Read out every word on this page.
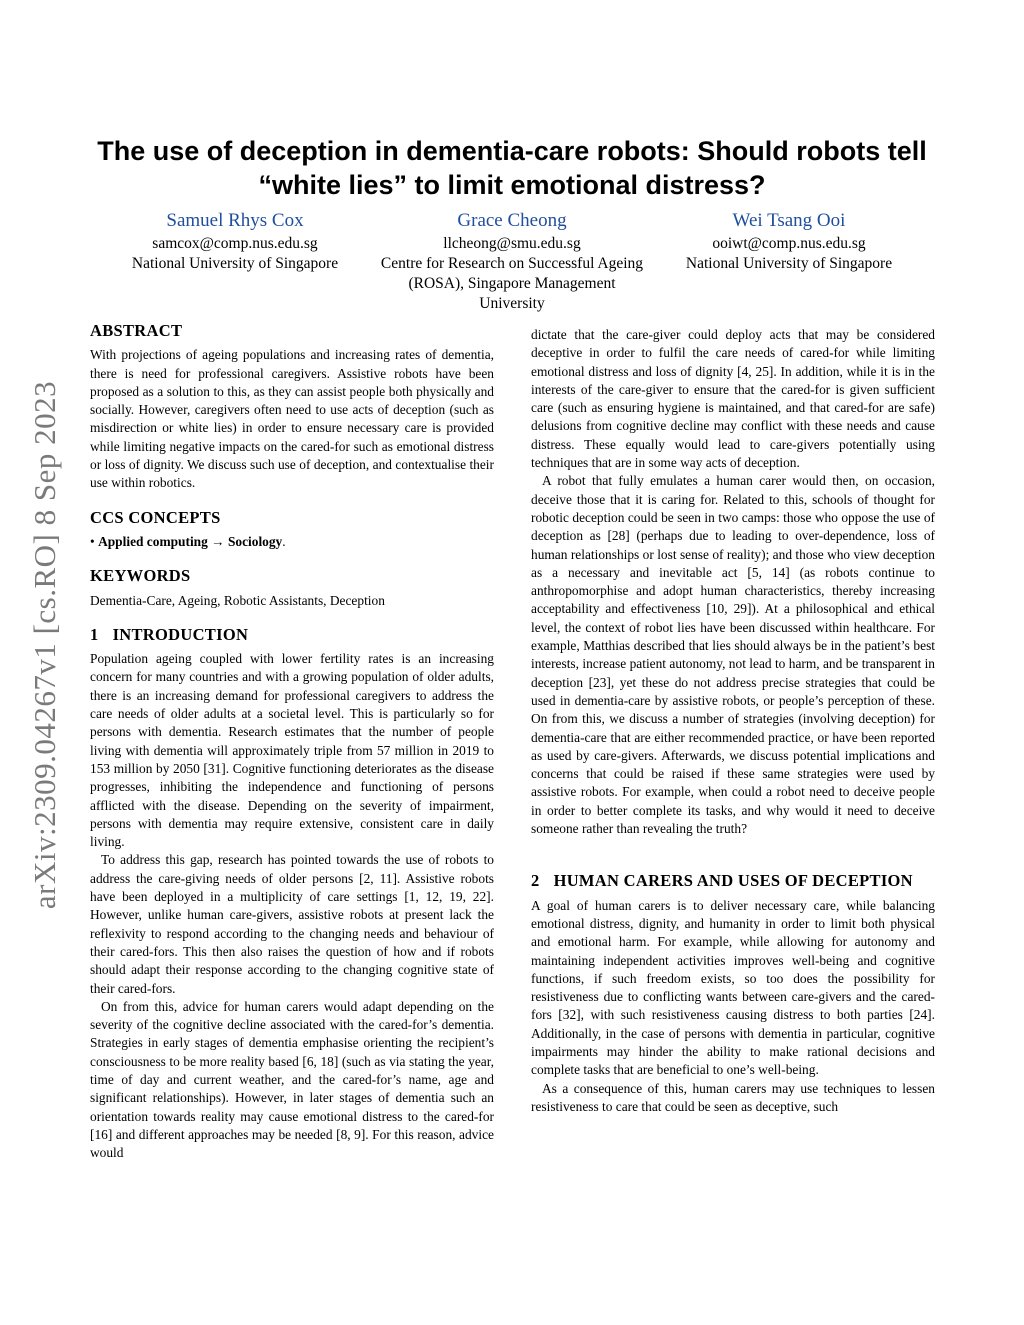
arXiv:2309.04267v1 [cs.RO] 8 Sep 2023
The use of deception in dementia-care robots: Should robots tell “white lies” to limit emotional distress?
Samuel Rhys Cox
samcox@comp.nus.edu.sg
National University of Singapore
Grace Cheong
llcheong@smu.edu.sg
Centre for Research on Successful Ageing (ROSA), Singapore Management University
Wei Tsang Ooi
ooiwt@comp.nus.edu.sg
National University of Singapore
ABSTRACT

With projections of ageing populations and increasing rates of dementia, there is need for professional caregivers. Assistive robots have been proposed as a solution to this, as they can assist people both physically and socially. However, caregivers often need to use acts of deception (such as misdirection or white lies) in order to ensure necessary care is provided while limiting negative impacts on the cared-for such as emotional distress or loss of dignity. We discuss such use of deception, and contextualise their use within robotics.

CCS CONCEPTS

• Applied computing → Sociology.

KEYWORDS

Dementia-Care, Ageing, Robotic Assistants, Deception

1 INTRODUCTION

Population ageing coupled with lower fertility rates is an increasing concern for many countries and with a growing population of older adults, there is an increasing demand for professional caregivers to address the care needs of older adults at a societal level. This is particularly so for persons with dementia. Research estimates that the number of people living with dementia will approximately triple from 57 million in 2019 to 153 million by 2050 [31]. Cognitive functioning deteriorates as the disease progresses, inhibiting the independence and functioning of persons afflicted with the disease. Depending on the severity of impairment, persons with dementia may require extensive, consistent care in daily living.

To address this gap, research has pointed towards the use of robots to address the care-giving needs of older persons [2, 11]. Assistive robots have been deployed in a multiplicity of care settings [1, 12, 19, 22]. However, unlike human care-givers, assistive robots at present lack the reflexivity to respond according to the changing needs and behaviour of their cared-fors. This then also raises the question of how and if robots should adapt their response according to the changing cognitive state of their cared-fors.

On from this, advice for human carers would adapt depending on the severity of the cognitive decline associated with the cared-for’s dementia. Strategies in early stages of dementia emphasise orienting the recipient’s consciousness to be more reality based [6, 18] (such as via stating the year, time of day and current weather, and the cared-for’s name, age and significant relationships). However, in later stages of dementia such an orientation towards reality may cause emotional distress to the cared-for [16] and different approaches may be needed [8, 9]. For this reason, advice would

dictate that the care-giver could deploy acts that may be considered deceptive in order to fulfil the care needs of cared-for while limiting emotional distress and loss of dignity [4, 25]. In addition, while it is in the interests of the care-giver to ensure that the cared-for is given sufficient care (such as ensuring hygiene is maintained, and that cared-for are safe) delusions from cognitive decline may conflict with these needs and cause distress. These equally would lead to care-givers potentially using techniques that are in some way acts of deception.

A robot that fully emulates a human carer would then, on occasion, deceive those that it is caring for. Related to this, schools of thought for robotic deception could be seen in two camps: those who oppose the use of deception as [28] (perhaps due to leading to over-dependence, loss of human relationships or lost sense of reality); and those who view deception as a necessary and inevitable act [5, 14] (as robots continue to anthropomorphise and adopt human characteristics, thereby increasing acceptability and effectiveness [10, 29]). At a philosophical and ethical level, the context of robot lies have been discussed within healthcare. For example, Matthias described that lies should always be in the patient’s best interests, increase patient autonomy, not lead to harm, and be transparent in deception [23], yet these do not address precise strategies that could be used in dementia-care by assistive robots, or people’s perception of these. On from this, we discuss a number of strategies (involving deception) for dementia-care that are either recommended practice, or have been reported as used by care-givers. Afterwards, we discuss potential implications and concerns that could be raised if these same strategies were used by assistive robots. For example, when could a robot need to deceive people in order to better complete its tasks, and why would it need to deceive someone rather than revealing the truth?

2 HUMAN CARERS AND USES OF DECEPTION

A goal of human carers is to deliver necessary care, while balancing emotional distress, dignity, and humanity in order to limit both physical and emotional harm. For example, while allowing for autonomy and maintaining independent activities improves well-being and cognitive functions, if such freedom exists, so too does the possibility for resistiveness due to conflicting wants between care-givers and the cared-fors [32], with such resistiveness causing distress to both parties [24]. Additionally, in the case of persons with dementia in particular, cognitive impairments may hinder the ability to make rational decisions and complete tasks that are beneficial to one’s well-being.

As a consequence of this, human carers may use techniques to lessen resistiveness to care that could be seen as deceptive, such
